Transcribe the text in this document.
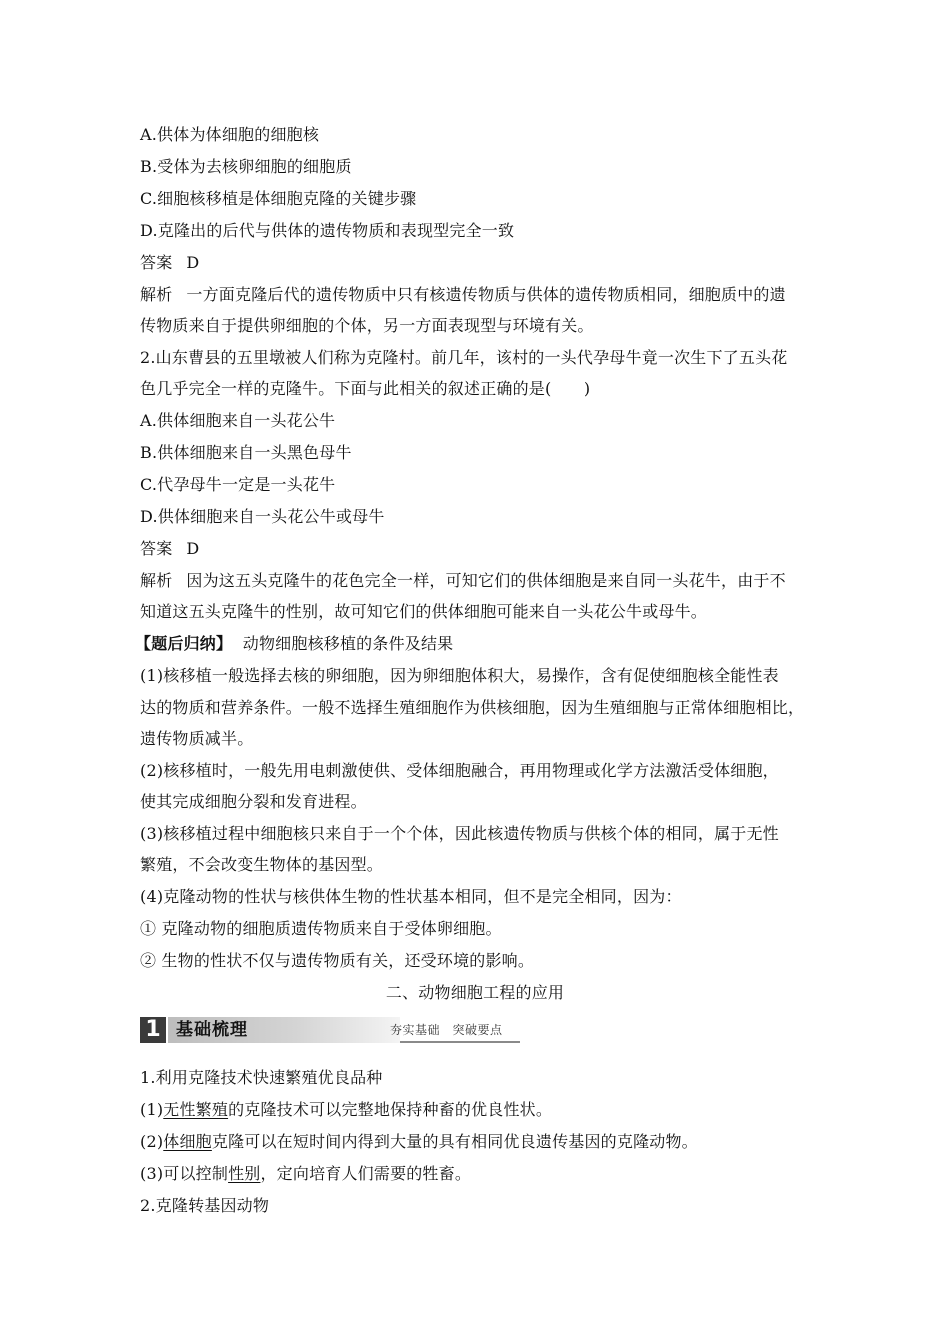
A.供体为体细胞的细胞核
B.受体为去核卵细胞的细胞质
C.细胞核移植是体细胞克隆的关键步骤
D.克隆出的后代与供体的遗传物质和表现型完全一致
答案 D
解析 一方面克隆后代的遗传物质中只有核遗传物质与供体的遗传物质相同，细胞质中的遗
传物质来自于提供卵细胞的个体，另一方面表现型与环境有关。
2.山东曹县的五里墩被人们称为克隆村。前几年，该村的一头代孕母牛竟一次生下了五头花
色几乎完全一样的克隆牛。下面与此相关的叙述正确的是(　　)
A.供体细胞来自一头花公牛
B.供体细胞来自一头黑色母牛
C.代孕母牛一定是一头花牛
D.供体细胞来自一头花公牛或母牛
答案 D
解析 因为这五头克隆牛的花色完全一样，可知它们的供体细胞是来自同一头花牛，由于不
知道这五头克隆牛的性别，故可知它们的供体细胞可能来自一头花公牛或母牛。
【题后归纳】 动物细胞核移植的条件及结果
(1)核移植一般选择去核的卵细胞，因为卵细胞体积大，易操作，含有促使细胞核全能性表
达的物质和营养条件。一般不选择生殖细胞作为供核细胞，因为生殖细胞与正常体细胞相比，
遗传物质减半。
(2)核移植时，一般先用电刺激使供、受体细胞融合，再用物理或化学方法激活受体细胞，
使其完成细胞分裂和发育进程。
(3)核移植过程中细胞核只来自于一个个体，因此核遗传物质与供核个体的相同，属于无性
繁殖，不会改变生物体的基因型。
(4)克隆动物的性状与核供体生物的性状基本相同，但不是完全相同，因为：
① 克隆动物的细胞质遗传物质来自于受体卵细胞。
② 生物的性状不仅与遗传物质有关，还受环境的影响。
二、动物细胞工程的应用
1 基础梳理	夯实基础　突破要点
1.利用克隆技术快速繁殖优良品种
(1)无性繁殖的克隆技术可以完整地保持种畜的优良性状。
(2)体细胞克隆可以在短时间内得到大量的具有相同优良遗传基因的克隆动物。
(3)可以控制性别，定向培育人们需要的牲畜。
2.克隆转基因动物
